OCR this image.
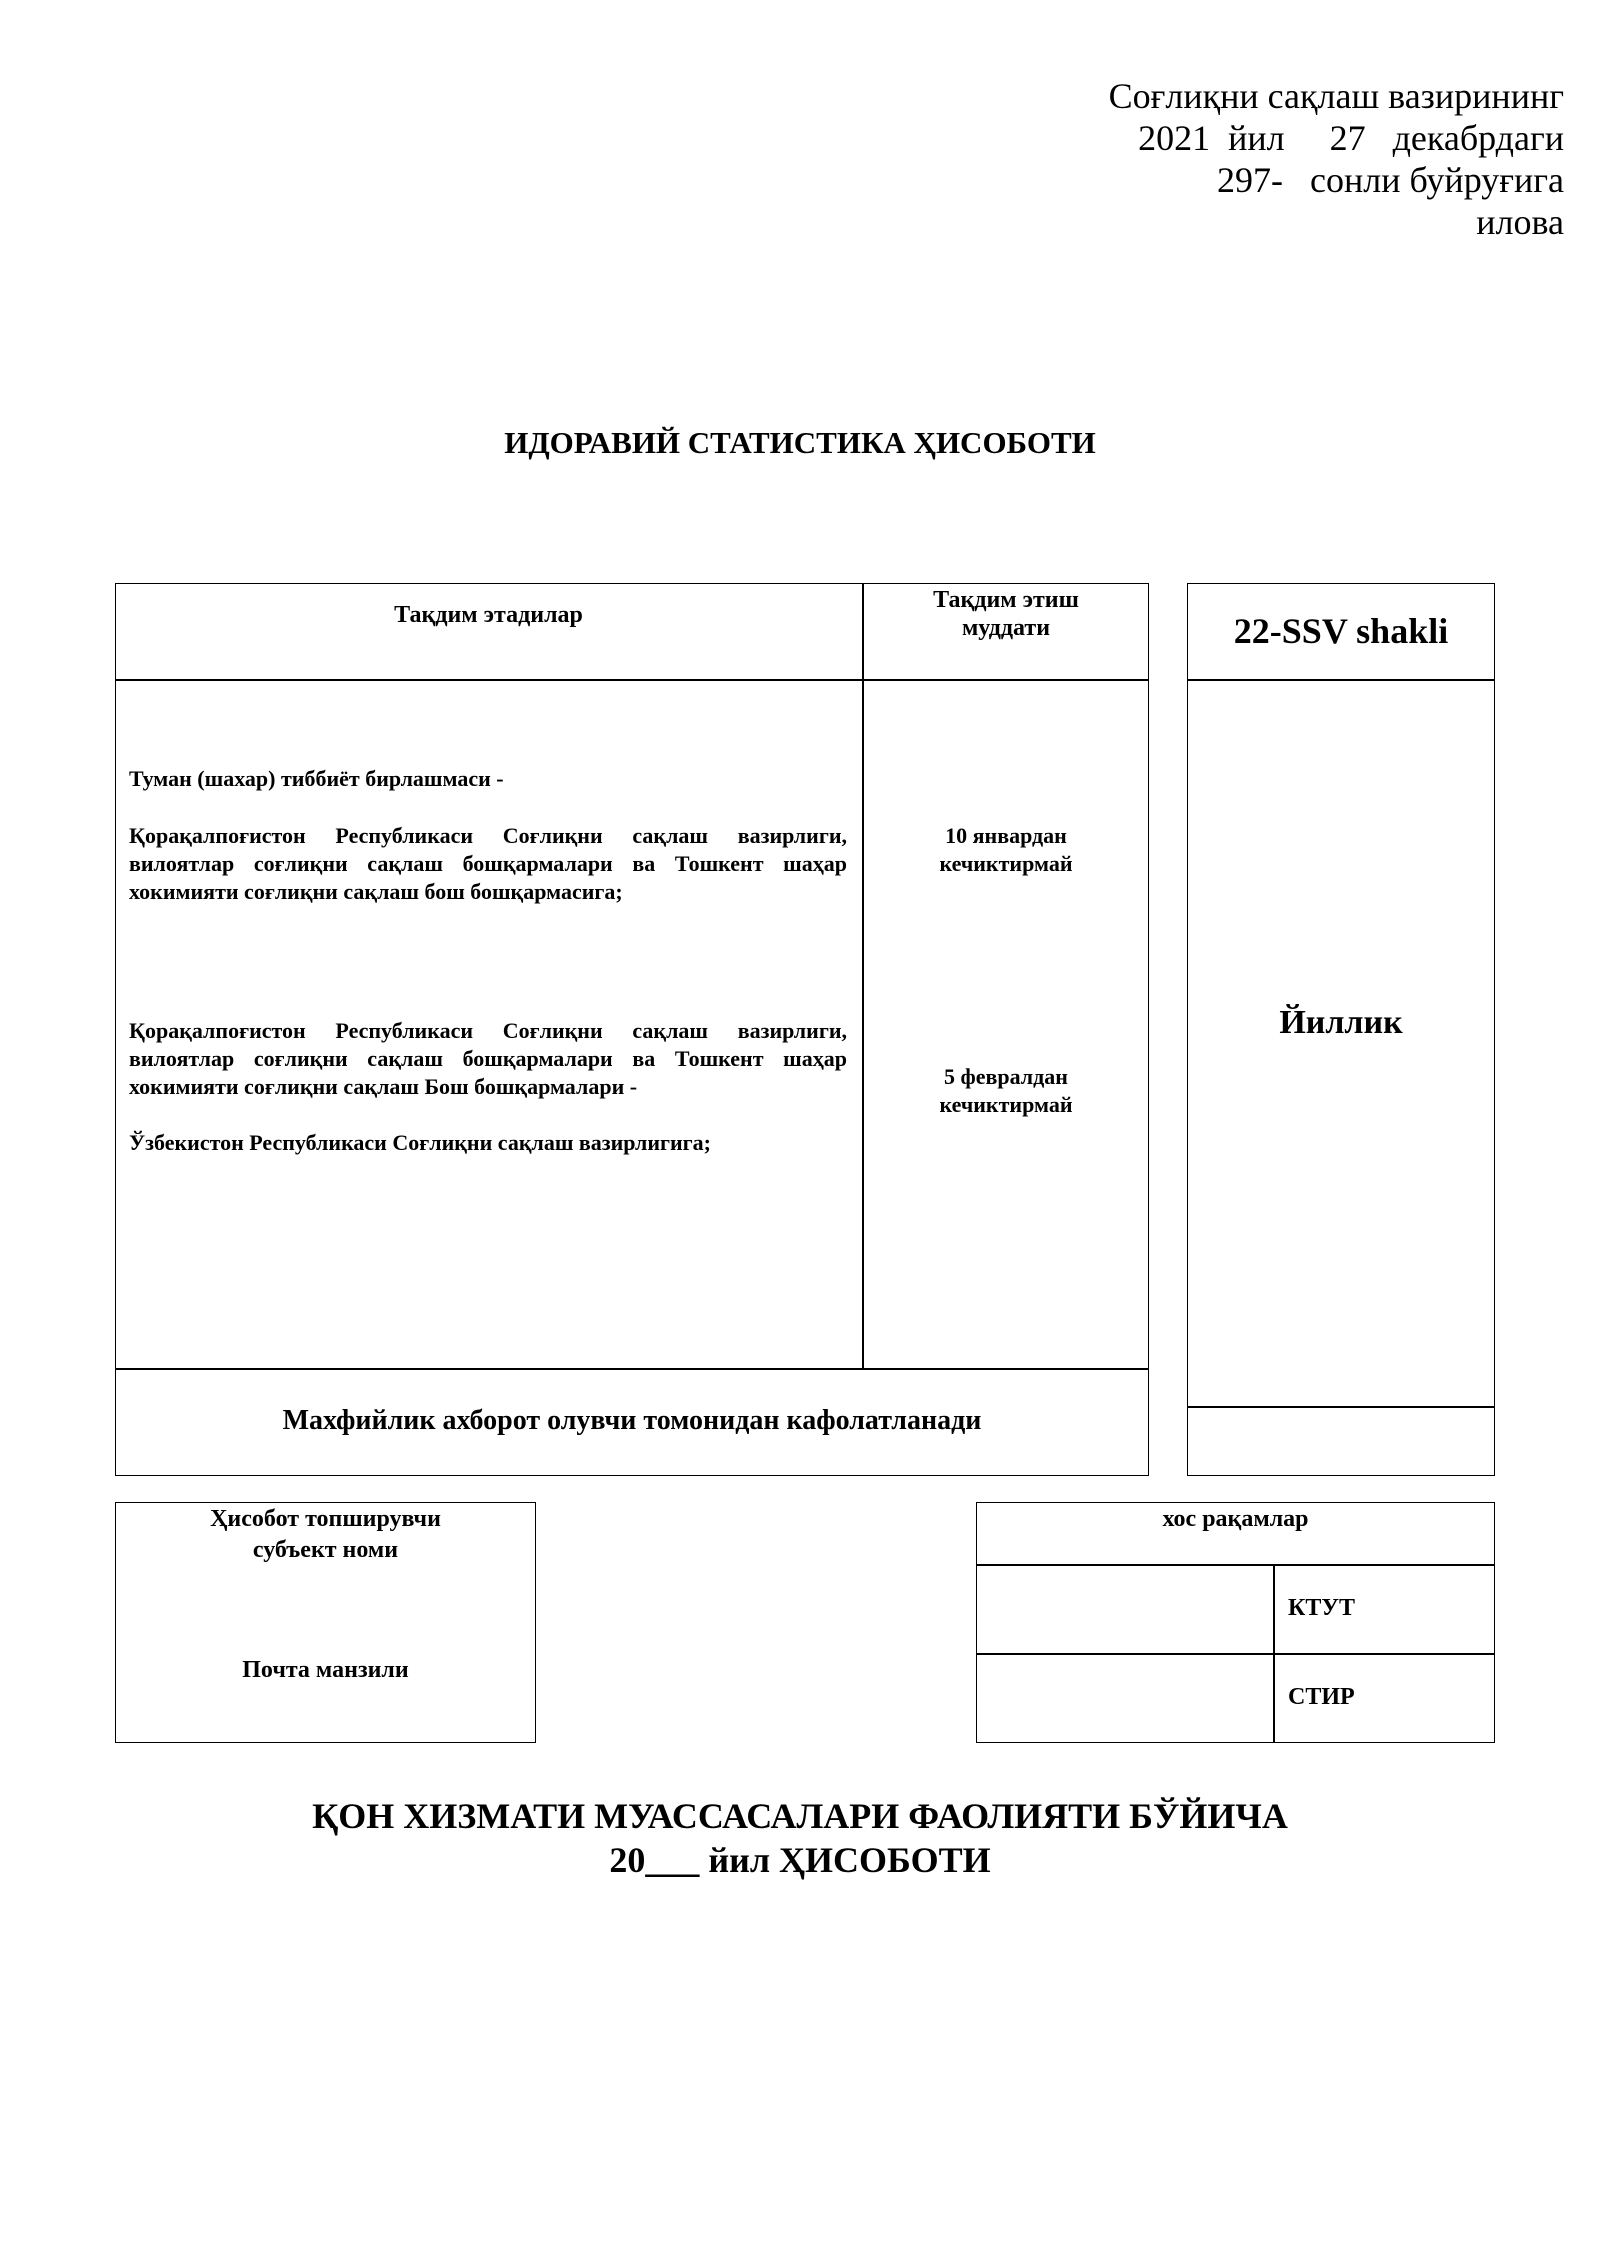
Соғлиқни сақлаш вазирининг
2021  йил     27   декабрдаги
297-   сонли буйруғига
илова
ИДОРАВИЙ СТАТИСТИКА ҲИСОБОТИ
Тақдим этадилар
Тақдим этиш
муддати
Туман (шахар) тиббиёт бирлашмаси -
Қорақалпоғистон Республикаси Соғлиқни сақлаш вазирлиги, вилоятлар соғлиқни сақлаш бошқармалари ва Тошкент шаҳар хокимияти соғлиқни сақлаш бош бошқармасига;
10 январдан
кечиктирмай
Қорақалпоғистон Республикаси Соғлиқни сақлаш вазирлиги, вилоятлар соғлиқни сақлаш бошқармалари ва Тошкент шаҳар хокимияти соғлиқни сақлаш Бош бошқармалари -
Ўзбекистон Республикаси Соғлиқни сақлаш вазирлигига;
5 февралдан
кечиктирмай
Махфийлик ахборот олувчи томонидан кафолатланади
22-SSV shakli
Йиллик
Ҳисобот топширувчи
субъект номи
Почта манзили
хос рақамлар
КТУТ
СТИР
ҚОН ХИЗМАТИ МУАССАСАЛАРИ ФАОЛИЯТИ БЎЙИЧА
20___ йил ҲИСОБОТИ
